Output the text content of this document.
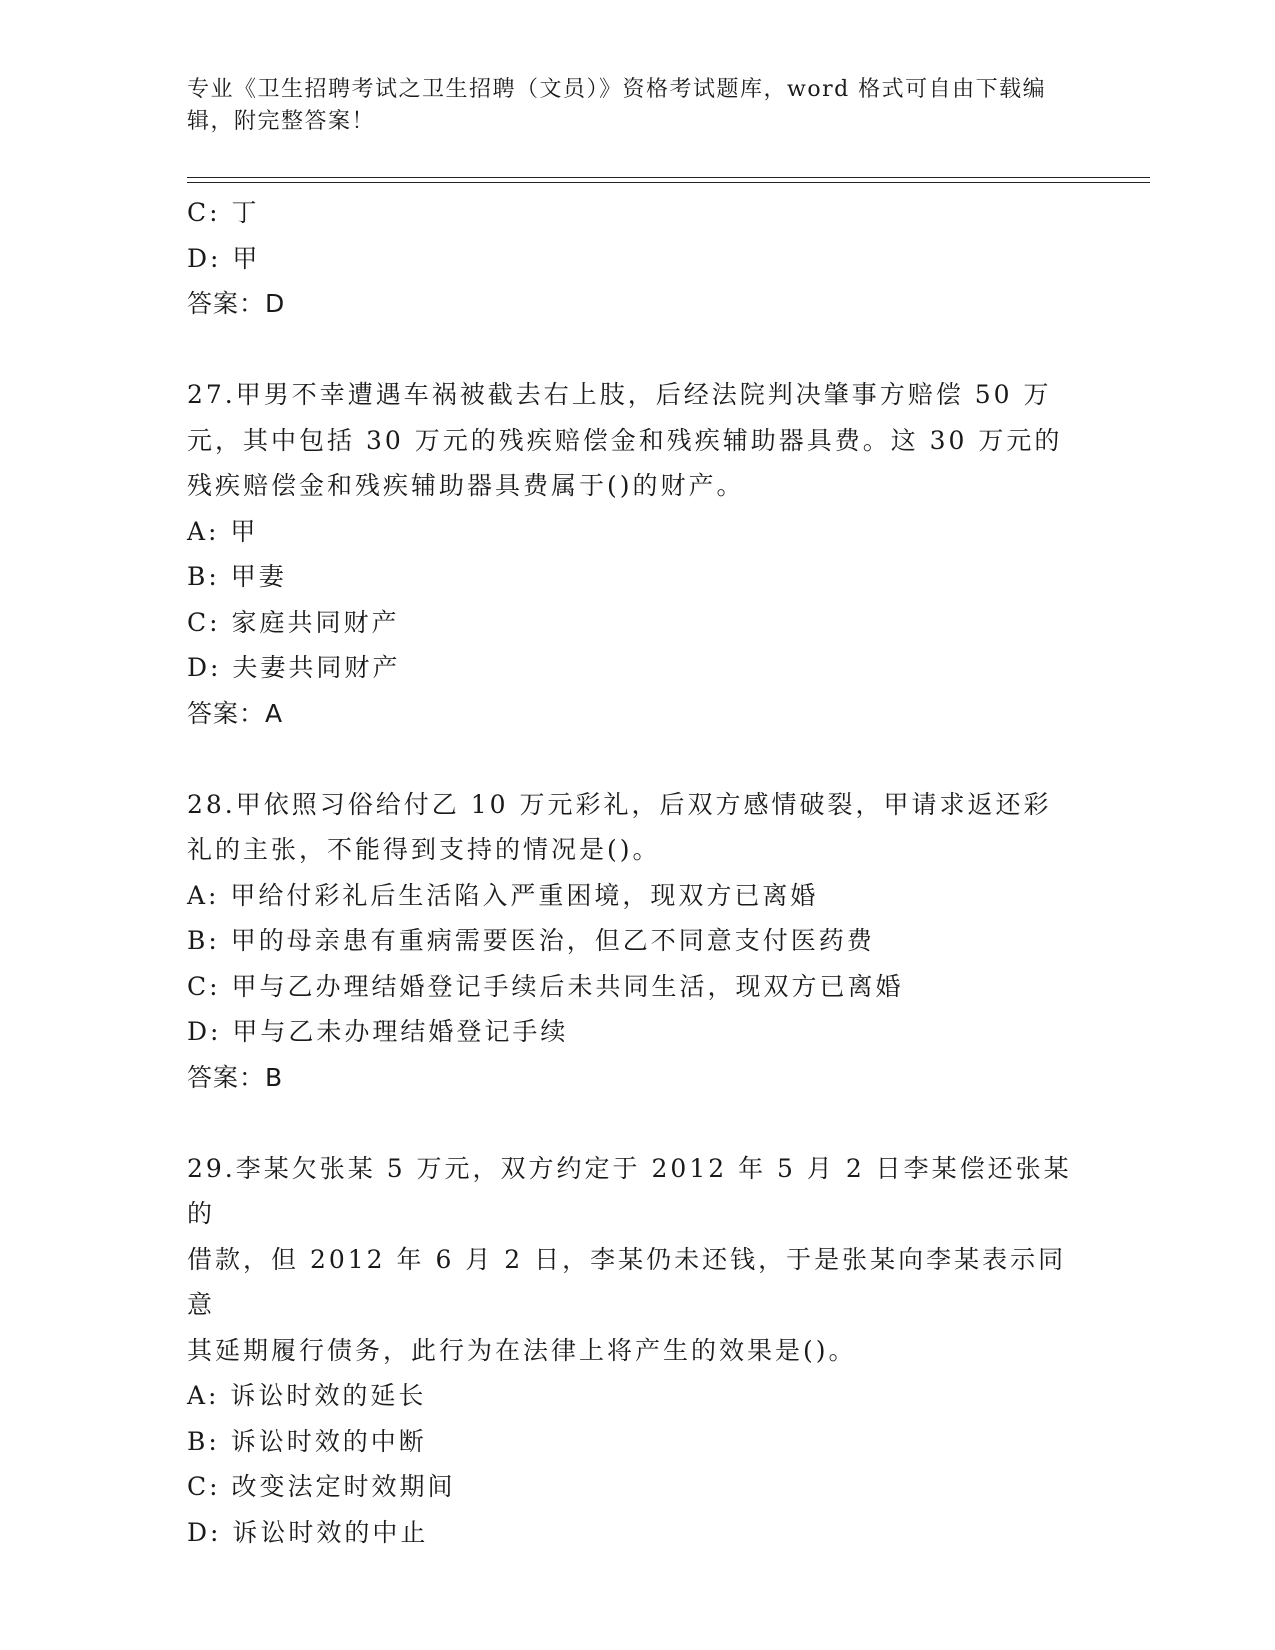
专业《卫生招聘考试之卫生招聘（文员）》资格考试题库，word 格式可自由下载编辑，附完整答案！
C: 丁
D: 甲
答案：D
27.甲男不幸遭遇车祸被截去右上肢，后经法院判决肇事方赔偿 50 万
元，其中包括 30 万元的残疾赔偿金和残疾辅助器具费。这 30 万元的
残疾赔偿金和残疾辅助器具费属于()的财产。
A: 甲
B: 甲妻
C: 家庭共同财产
D: 夫妻共同财产
答案：A
28.甲依照习俗给付乙 10 万元彩礼，后双方感情破裂，甲请求返还彩
礼的主张，不能得到支持的情况是()。
A: 甲给付彩礼后生活陷入严重困境，现双方已离婚
B: 甲的母亲患有重病需要医治，但乙不同意支付医药费
C: 甲与乙办理结婚登记手续后未共同生活，现双方已离婚
D: 甲与乙未办理结婚登记手续
答案：B
29.李某欠张某 5 万元，双方约定于 2012 年 5 月 2 日李某偿还张某的
借款，但 2012 年 6 月 2 日，李某仍未还钱，于是张某向李某表示同意
其延期履行债务，此行为在法律上将产生的效果是()。
A: 诉讼时效的延长
B: 诉讼时效的中断
C: 改变法定时效期间
D: 诉讼时效的中止
